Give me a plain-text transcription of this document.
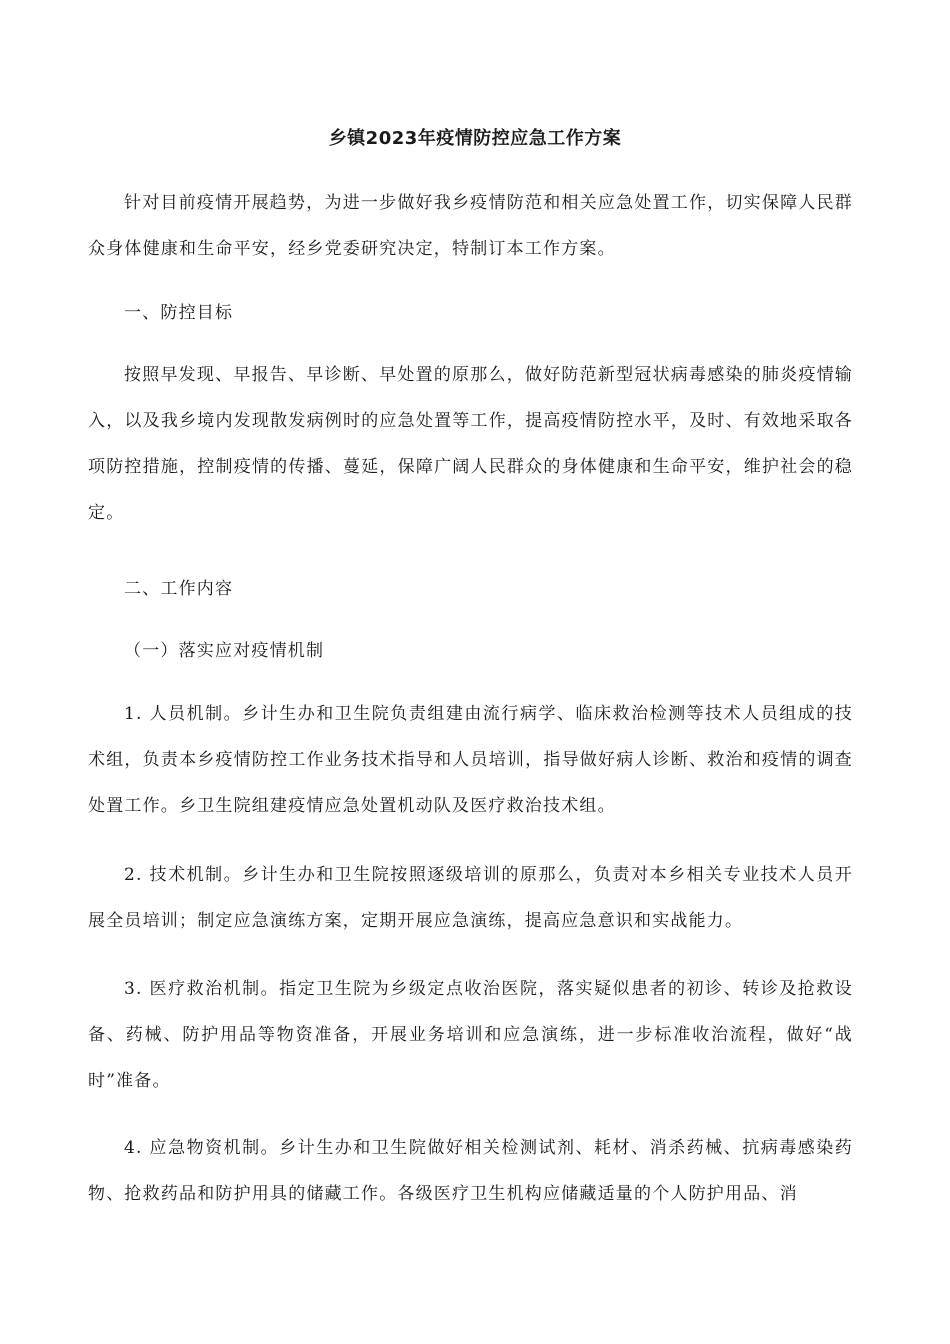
乡镇2023年疫情防控应急工作方案

针对目前疫情开展趋势，为进一步做好我乡疫情防范和相关应急处置工作，切实保障人民群众身体健康和生命平安，经乡党委研究决定，特制订本工作方案。

一、防控目标

按照早发现、早报告、早诊断、早处置的原那么，做好防范新型冠状病毒感染的肺炎疫情输入，以及我乡境内发现散发病例时的应急处置等工作，提高疫情防控水平，及时、有效地采取各项防控措施，控制疫情的传播、蔓延，保障广阔人民群众的身体健康和生命平安，维护社会的稳定。

二、工作内容

（一）落实应对疫情机制

1. 人员机制。乡计生办和卫生院负责组建由流行病学、临床救治检测等技术人员组成的技术组，负责本乡疫情防控工作业务技术指导和人员培训，指导做好病人诊断、救治和疫情的调查处置工作。乡卫生院组建疫情应急处置机动队及医疗救治技术组。

2. 技术机制。乡计生办和卫生院按照逐级培训的原那么，负责对本乡相关专业技术人员开展全员培训；制定应急演练方案，定期开展应急演练，提高应急意识和实战能力。

3. 医疗救治机制。指定卫生院为乡级定点收治医院，落实疑似患者的初诊、转诊及抢救设备、药械、防护用品等物资准备，开展业务培训和应急演练，进一步标准收治流程，做好“战时”准备。

4. 应急物资机制。乡计生办和卫生院做好相关检测试剂、耗材、消杀药械、抗病毒感染药物、抢救药品和防护用具的储藏工作。各级医疗卫生机构应储藏适量的个人防护用品、消
